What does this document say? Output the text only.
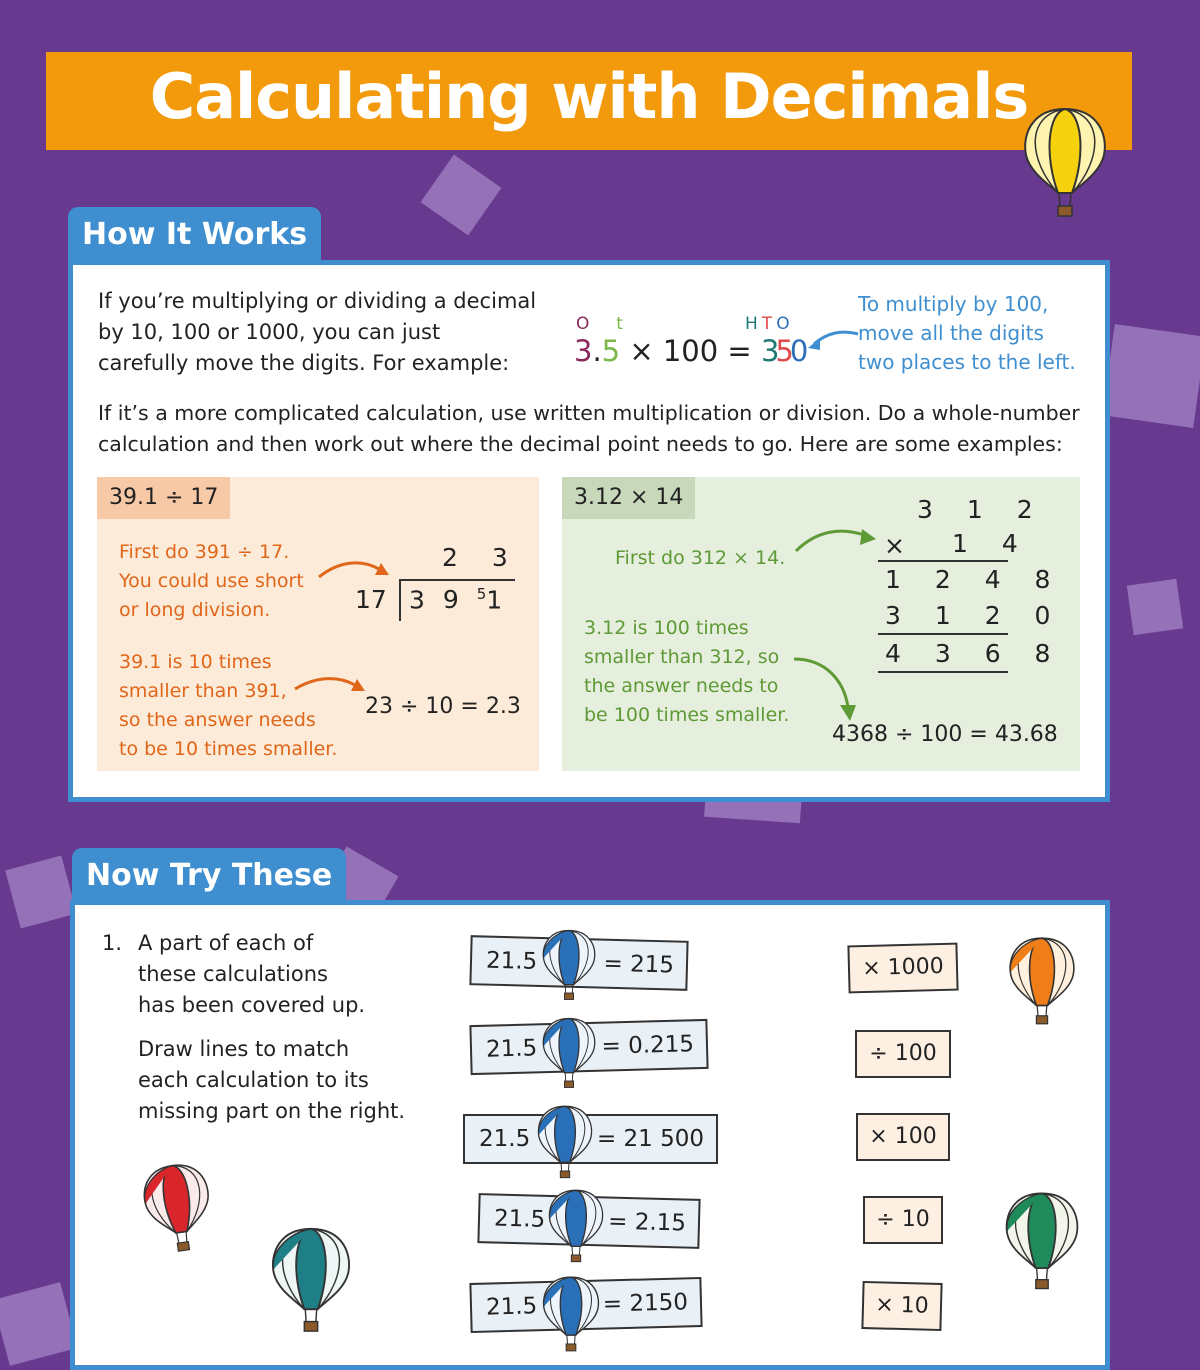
Calculating with Decimals
How It Works
If you’re multiplying or dividing a decimal
by 10, 100 or 1000, you can just
carefully move the digits. For example:
O t	HTO
3.5 × 100 = 350
To multiply by 100,
move all the digits
two places to the left.
If it’s a more complicated calculation, use written multiplication or division. Do a whole-number
calculation and then work out where the decimal point needs to go. Here are some examples:
39.1 ÷ 17
First do 391 ÷ 17.
You could use short
or long division.
2 3
17 3 9 $^5$1
39.1 is 10 times
smaller than 391,
so the answer needs
to be 10 times smaller.
23 ÷ 10 = 2.3
3.12 × 14
First do 312 × 14.
3 1 2
× 1 4
1 2 4 8
3 1 2 0
4 3 6 8
3.12 is 100 times
smaller than 312, so
the answer needs to
be 100 times smaller.
4368 ÷ 100 = 43.68
Now Try These
1. A part of each of
these calculations
has been covered up.
Draw lines to match
each calculation to its
missing part on the right.
21.5	= 215
21.5	= 0.215
21.5	= 21 500
21.5	= 2.15
21.5	= 2150
× 1000
÷ 100
× 100
÷ 10
× 10
